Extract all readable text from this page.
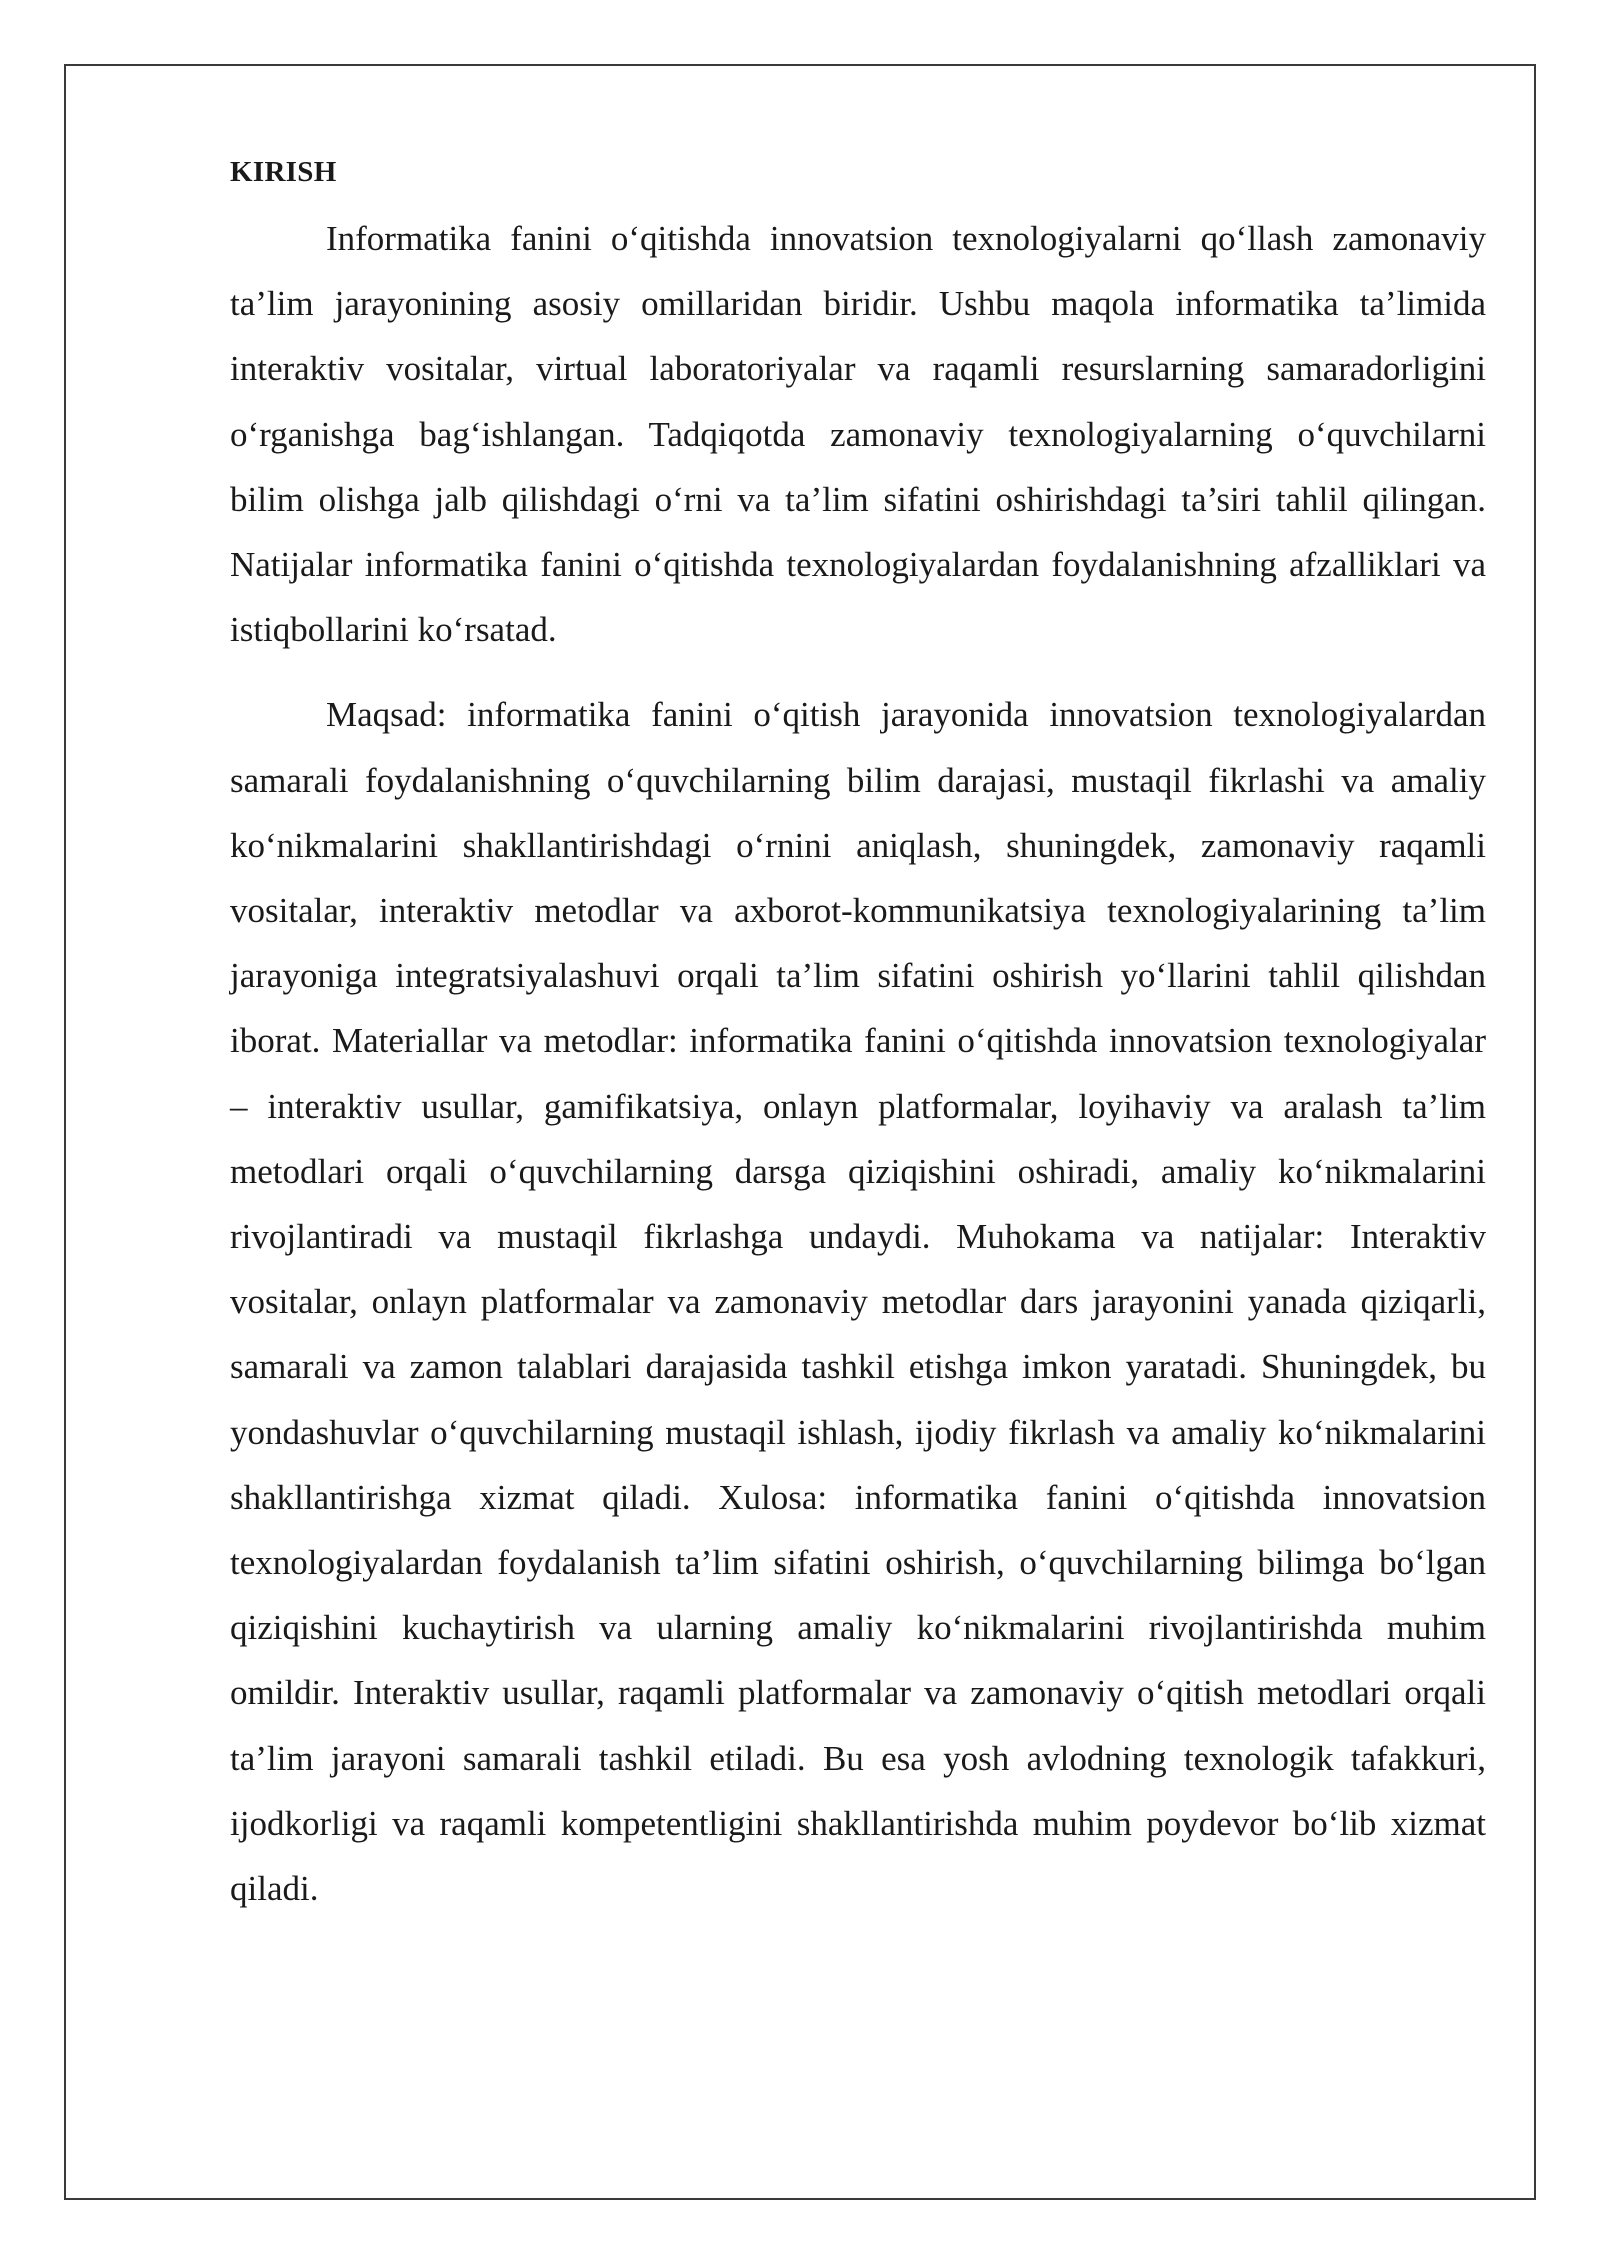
KIRISH

Informatika fanini o‘qitishda innovatsion texnologiyalarni qo‘llash zamonaviy ta’lim jarayonining asosiy omillaridan biridir. Ushbu maqola informatika ta’limida interaktiv vositalar, virtual laboratoriyalar va raqamli resurslarning samaradorligini o‘rganishga bag‘ishlangan. Tadqiqotda zamonaviy texnologiyalarning o‘quvchilarni bilim olishga jalb qilishdagi o‘rni va ta’lim sifatini oshirishdagi ta’siri tahlil qilingan. Natijalar informatika fanini o‘qitishda texnologiyalardan foydalanishning afzalliklari va istiqbollarini ko‘rsatad.

Maqsad: informatika fanini o‘qitish jarayonida innovatsion texnologiyalardan samarali foydalanishning o‘quvchilarning bilim darajasi, mustaqil fikrlashi va amaliy ko‘nikmalarini shakllantirishdagi o‘rnini aniqlash, shuningdek, zamonaviy raqamli vositalar, interaktiv metodlar va axborot-kommunikatsiya texnologiyalarining ta’lim jarayoniga integratsiyalashuvi orqali ta’lim sifatini oshirish yo‘llarini tahlil qilishdan iborat. Materiallar va metodlar: informatika fanini o‘qitishda innovatsion texnologiyalar – interaktiv usullar, gamifikatsiya, onlayn platformalar, loyihaviy va aralash ta’lim metodlari orqali o‘quvchilarning darsga qiziqishini oshiradi, amaliy ko‘nikmalarini rivojlantiradi va mustaqil fikrlashga undaydi. Muhokama va natijalar: Interaktiv vositalar, onlayn platformalar va zamonaviy metodlar dars jarayonini yanada qiziqarli, samarali va zamon talablari darajasida tashkil etishga imkon yaratadi. Shuningdek, bu yondashuvlar o‘quvchilarning mustaqil ishlash, ijodiy fikrlash va amaliy ko‘nikmalarini shakllantirishga xizmat qiladi. Xulosa: informatika fanini o‘qitishda innovatsion texnologiyalardan foydalanish ta’lim sifatini oshirish, o‘quvchilarning bilimga bo‘lgan qiziqishini kuchaytirish va ularning amaliy ko‘nikmalarini rivojlantirishda muhim omildir. Interaktiv usullar, raqamli platformalar va zamonaviy o‘qitish metodlari orqali ta’lim jarayoni samarali tashkil etiladi. Bu esa yosh avlodning texnologik tafakkuri, ijodkorligi va raqamli kompetentligini shakllantirishda muhim poydevor bo‘lib xizmat qiladi.
